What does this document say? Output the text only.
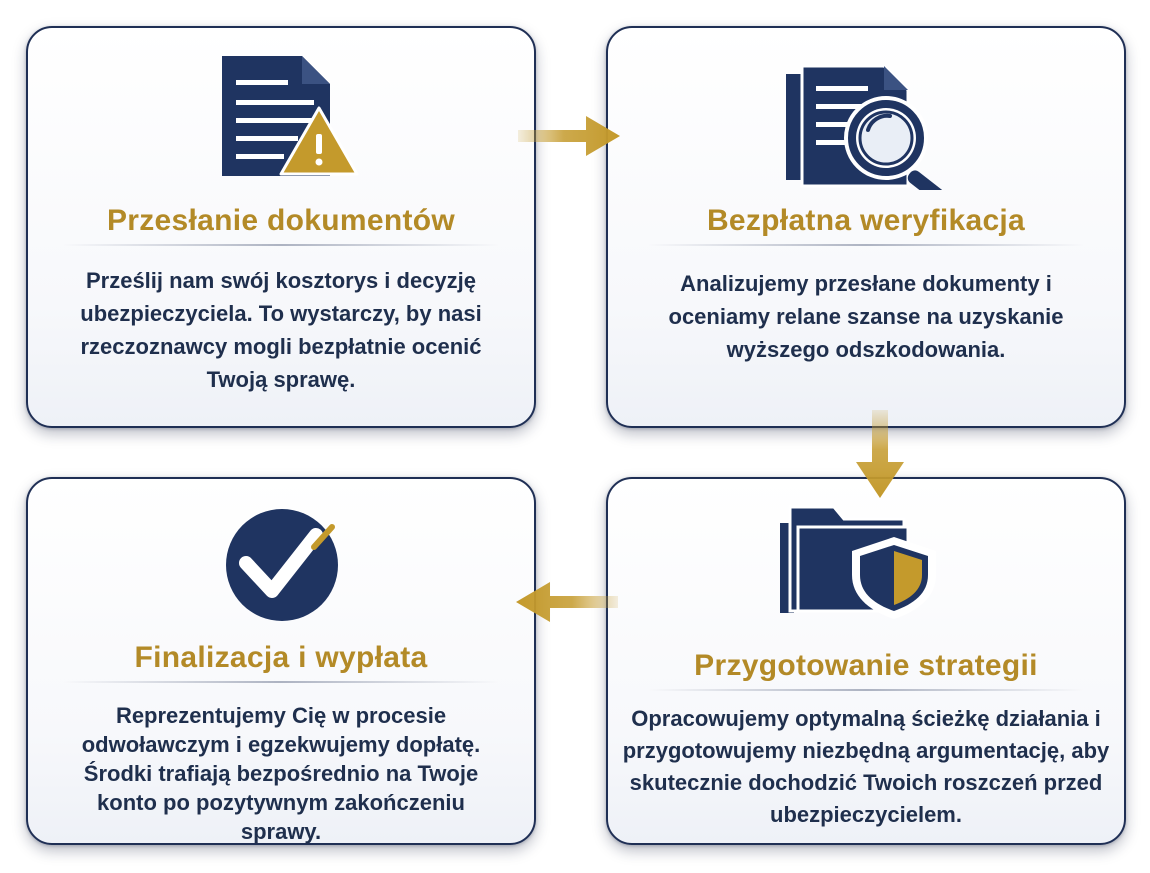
Przesłanie dokumentów
Prześlij nam swój kosztorys i decyzję ubezpieczyciela. To wystarczy, by nasi rzeczoznawcy mogli bezpłatnie ocenić Twoją sprawę.
Bezpłatna weryfikacja
Analizujemy przesłane dokumenty i oceniamy relane szanse na uzyskanie wyższego odszkodowania.
Finalizacja i wypłata
Reprezentujemy Cię w procesie odwoławczym i egzekwujemy dopłatę. Środki trafiają bezpośrednio na Twoje konto po pozytywnym zakończeniu sprawy.
Przygotowanie strategii
Opracowujemy optymalną ścieżkę działania i przygotowujemy niezbędną argumentację, aby skutecznie dochodzić Twoich roszczeń przed ubezpieczycielem.
